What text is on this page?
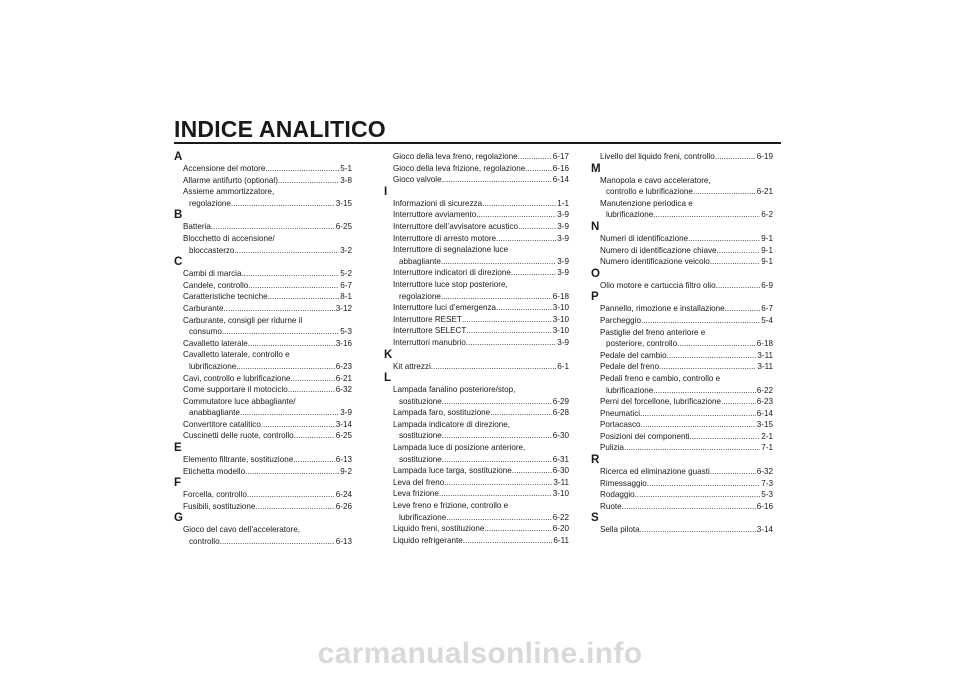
INDICE ANALITICO
A
Accensione del motore .....	5-1
Allarme antifurto (optional) .....	3-8
Assieme ammortizzatore,
regolazione .....	3-15
B
Batteria .....	6-25
Blocchetto di accensione/
bloccasterzo .....	3-2
C
Cambi di marcia .....	5-2
Candele, controllo .....	6-7
Caratteristiche tecniche .....	8-1
Carburante .....	3-12
Carburante, consigli per ridurne il
consumo .....	5-3
Cavalletto laterale .....	3-16
Cavalletto laterale, controllo e
lubrificazione .....	6-23
Cavi, controllo e lubrificazione .....	6-21
Come supportare il motociclo .....	6-32
Commutatore luce abbagliante/
anabbagliante .....	3-9
Convertitore catalitico .....	3-14
Cuscinetti delle ruote, controllo .....	6-25
E
Elemento filtrante, sostituzione .....	6-13
Etichetta modello .....	9-2
F
Forcella, controllo .....	6-24
Fusibili, sostituzione .....	6-26
G
Gioco del cavo dell’acceleratore,
controllo .....	6-13
Gioco della leva freno, regolazione .....	6-17
Gioco della leva frizione, regolazione .....	6-16
Gioco valvole .....	6-14
I
Informazioni di sicurezza .....	1-1
Interruttore avviamento .....	3-9
Interruttore dell’avvisatore acustico .....	3-9
Interruttore di arresto motore .....	3-9
Interruttore di segnalazione luce
abbagliante .....	3-9
Interruttore indicatori di direzione .....	3-9
Interruttore luce stop posteriore,
regolazione .....	6-18
Interruttore luci d’emergenza .....	3-10
Interruttore RESET .....	3-10
Interruttore SELECT .....	3-10
Interruttori manubrio .....	3-9
K
Kit attrezzi .....	6-1
L
Lampada fanalino posteriore/stop,
sostituzione .....	6-29
Lampada faro, sostituzione .....	6-28
Lampada indicatore di direzione,
sostituzione .....	6-30
Lampada luce di posizione anteriore,
sostituzione .....	6-31
Lampada luce targa, sostituzione .....	6-30
Leva del freno .....	3-11
Leva frizione .....	3-10
Leve freno e frizione, controllo e
lubrificazione .....	6-22
Liquido freni, sostituzione .....	6-20
Liquido refrigerante .....	6-11
Livello del liquido freni, controllo .....	6-19
M
Manopola e cavo acceleratore,
controllo e lubrificazione .....	6-21
Manutenzione periodica e
lubrificazione .....	6-2
N
Numeri di identificazione .....	9-1
Numero di identificazione chiave .....	9-1
Numero identificazione veicolo .....	9-1
O
Olio motore e cartuccia filtro olio .....	6-9
P
Pannello, rimozione e installazione .....	6-7
Parcheggio .....	5-4
Pastiglie del freno anteriore e
posteriore, controllo .....	6-18
Pedale del cambio .....	3-11
Pedale del freno .....	3-11
Pedali freno e cambio, controllo e
lubrificazione .....	6-22
Perni del forcellone, lubrificazione .....	6-23
Pneumatici .....	6-14
Portacasco .....	3-15
Posizioni dei componenti .....	2-1
Pulizia .....	7-1
R
Ricerca ed eliminazione guasti .....	6-32
Rimessaggio .....	7-3
Rodaggio .....	5-3
Ruote .....	6-16
S
Sella pilota .....	3-14
carmanualsonline.info
